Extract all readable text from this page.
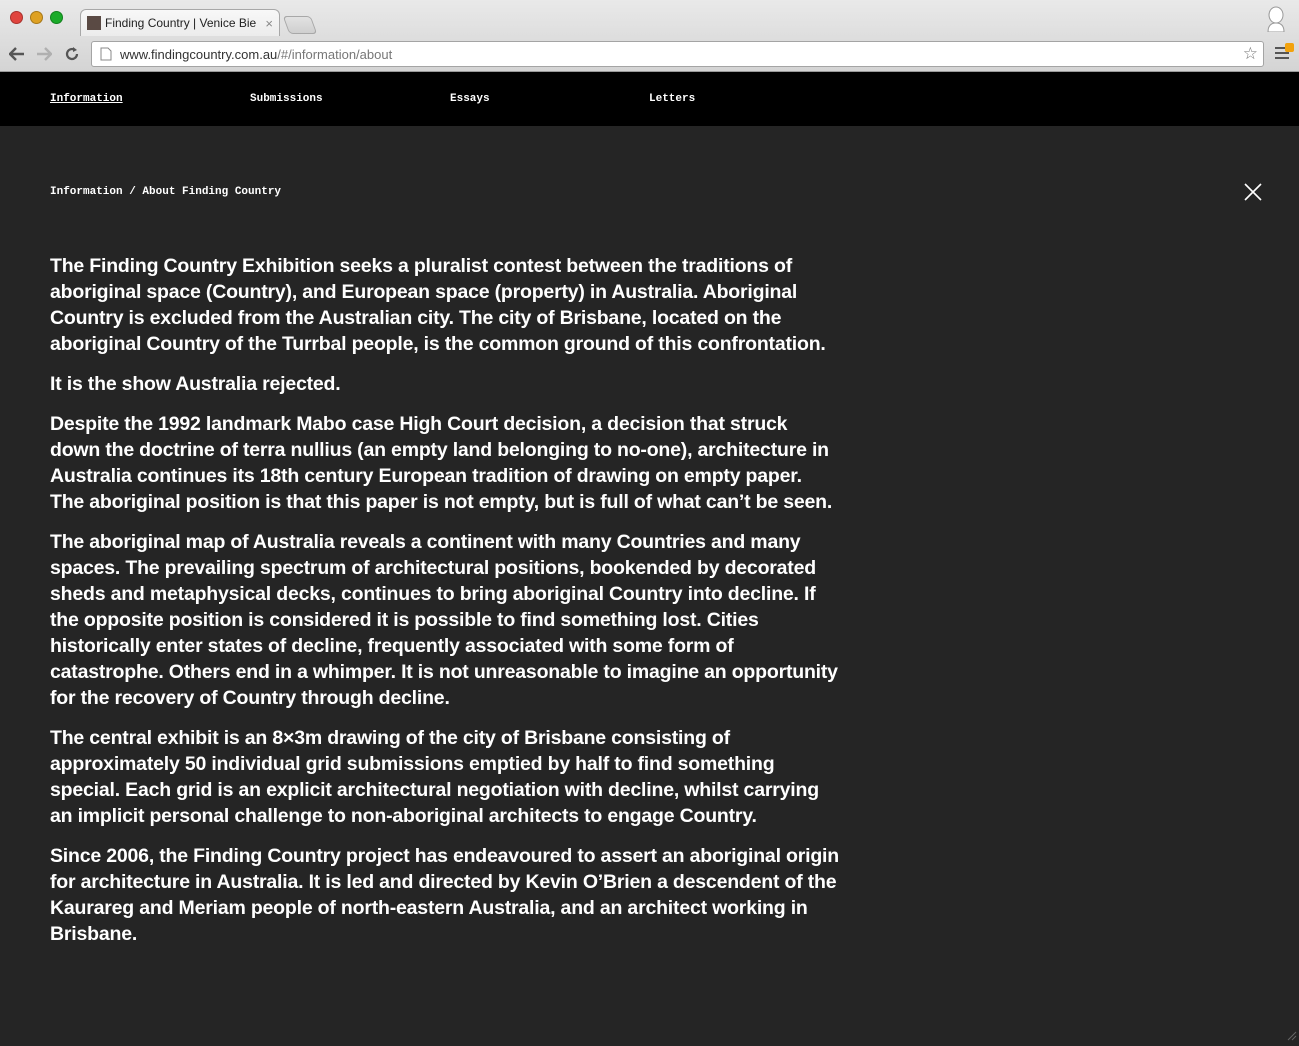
Finding Country | Venice Bie ×
www.findingcountry.com.au/#/information/about	☆
Information	Submissions	Essays	Letters
Information / About Finding Country

The Finding Country Exhibition seeks a pluralist contest between the traditions of aboriginal space (Country), and European space (property) in Australia. Aboriginal Country is excluded from the Australian city. The city of Brisbane, located on the aboriginal Country of the Turrbal people, is the common ground of this confrontation.

It is the show Australia rejected.

Despite the 1992 landmark Mabo case High Court decision, a decision that struck down the doctrine of terra nullius (an empty land belonging to no-one), architecture in Australia continues its 18th century European tradition of drawing on empty paper. The aboriginal position is that this paper is not empty, but is full of what can’t be seen.

The aboriginal map of Australia reveals a continent with many Countries and many spaces. The prevailing spectrum of architectural positions, bookended by decorated sheds and metaphysical decks, continues to bring aboriginal Country into decline. If the opposite position is considered it is possible to find something lost. Cities historically enter states of decline, frequently associated with some form of catastrophe. Others end in a whimper. It is not unreasonable to imagine an opportunity for the recovery of Country through decline.

The central exhibit is an 8×3m drawing of the city of Brisbane consisting of approximately 50 individual grid submissions emptied by half to find something special. Each grid is an explicit architectural negotiation with decline, whilst carrying an implicit personal challenge to non-aboriginal architects to engage Country.

Since 2006, the Finding Country project has endeavoured to assert an aboriginal origin for architecture in Australia. It is led and directed by Kevin O’Brien a descendent of the Kaurareg and Meriam people of north-eastern Australia, and an architect working in Brisbane.
